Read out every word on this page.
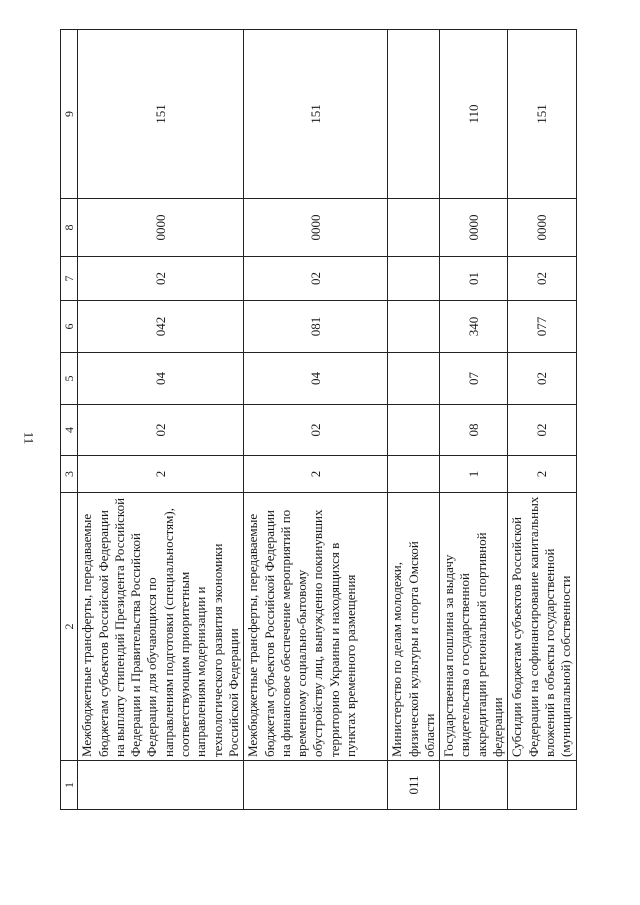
11
1	2	3	4	5	6	7	8	9
	Межбюджетные трансферты, передаваемые бюджетам субъектов Российской Федерации на выплату стипендий Президента Российской Федерации и Правительства Российской Федерации для обучающихся по направлениям подготовки (специальностям), соответствующим приоритетным направлениям модернизации и технологического развития экономики Российской Федерации	2	02	04	042	02	0000	151
	Межбюджетные трансферты, передаваемые бюджетам субъектов Российской Федерации на финансовое обеспечение мероприятий по временному социально-бытовому обустройству лиц, вынужденно покинувших территорию Украины и находящихся в пунктах временного размещения	2	02	04	081	02	0000	151
011	Министерство по делам молодежи, физической культуры и спорта Омской области							
	Государственная пошлина за выдачу свидетельства о государственной аккредитации региональной спортивной федерации	1	08	07	340	01	0000	110
	Субсидии бюджетам субъектов Российской Федерации на софинансирование капитальных вложений в объекты государственной (муниципальной) собственности	2	02	02	077	02	0000	151
